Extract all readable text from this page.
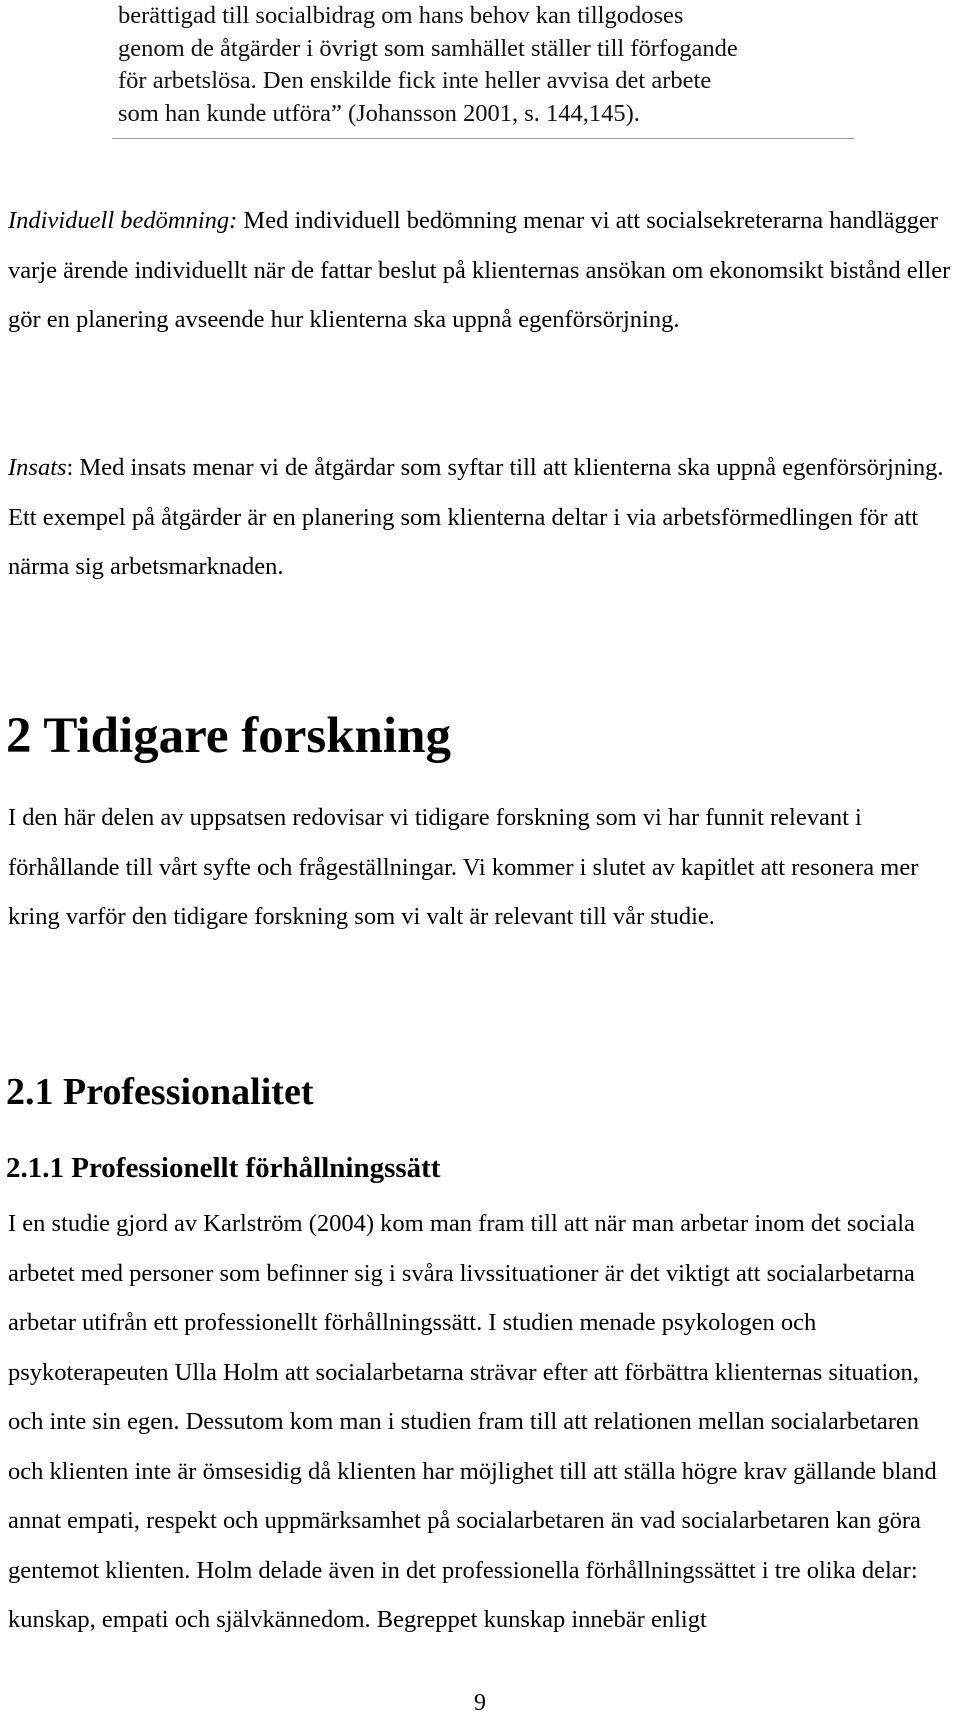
berättigad till socialbidrag om hans behov kan tillgodoses
genom de åtgärder i övrigt som samhället ställer till förfogande
för arbetslösa. Den enskilde fick inte heller avvisa det arbete
som han kunde utföra” (Johansson 2001, s. 144,145).

Individuell bedömning: Med individuell bedömning menar vi att socialsekreterarna handlägger varje ärende individuellt när de fattar beslut på klienternas ansökan om ekonomsikt bistånd eller gör en planering avseende hur klienterna ska uppnå egenförsörjning.

Insats: Med insats menar vi de åtgärdar som syftar till att klienterna ska uppnå egenförsörjning. Ett exempel på åtgärder är en planering som klienterna deltar i via arbetsförmedlingen för att närma sig arbetsmarknaden.

2 Tidigare forskning

I den här delen av uppsatsen redovisar vi tidigare forskning som vi har funnit relevant i förhållande till vårt syfte och frågeställningar. Vi kommer i slutet av kapitlet att resonera mer kring varför den tidigare forskning som vi valt är relevant till vår studie.

2.1 Professionalitet
2.1.1 Professionellt förhållningssätt

I en studie gjord av Karlström (2004) kom man fram till att när man arbetar inom det sociala arbetet med personer som befinner sig i svåra livssituationer är det viktigt att socialarbetarna arbetar utifrån ett professionellt förhållningssätt. I studien menade psykologen och psykoterapeuten Ulla Holm att socialarbetarna strävar efter att förbättra klienternas situation, och inte sin egen. Dessutom kom man i studien fram till att relationen mellan socialarbetaren och klienten inte är ömsesidig då klienten har möjlighet till att ställa högre krav gällande bland annat empati, respekt och uppmärksamhet på socialarbetaren än vad socialarbetaren kan göra gentemot klienten. Holm delade även in det professionella förhållningssättet i tre olika delar: kunskap, empati och självkännedom. Begreppet kunskap innebär enligt

9
